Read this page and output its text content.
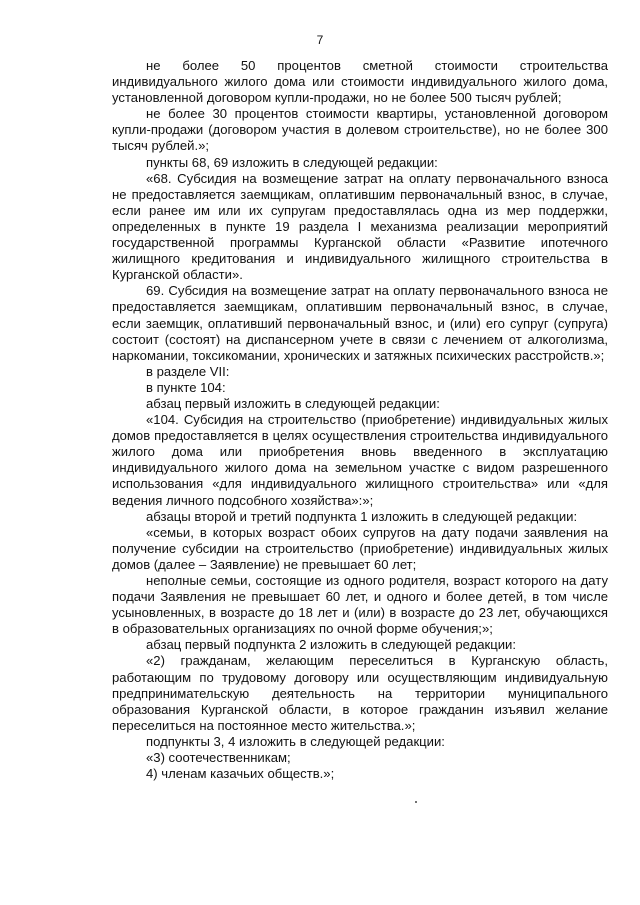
7

не более 50 процентов сметной стоимости строительства индивидуального жилого дома или стоимости индивидуального жилого дома, установленной договором купли-продажи, но не более 500 тысяч рублей;

не более 30 процентов стоимости квартиры, установленной договором купли-продажи (договором участия в долевом строительстве), но не более 300 тысяч рублей.»;

пункты 68, 69 изложить в следующей редакции:

«68. Субсидия на возмещение затрат на оплату первоначального взноса не предоставляется заемщикам, оплатившим первоначальный взнос, в случае, если ранее им или их супругам предоставлялась одна из мер поддержки, определенных в пункте 19 раздела I механизма реализации мероприятий государственной программы Курганской области «Развитие ипотечного жилищного кредитования и индивидуального жилищного строительства в Курганской области».

69. Субсидия на возмещение затрат на оплату первоначального взноса не предоставляется заемщикам, оплатившим первоначальный взнос, в случае, если заемщик, оплативший первоначальный взнос, и (или) его супруг (супруга) состоит (состоят) на диспансерном учете в связи с лечением от алкоголизма, наркомании, токсикомании, хронических и затяжных психических расстройств.»;

в разделе VII:

в пункте 104:

абзац первый изложить в следующей редакции:

«104. Субсидия на строительство (приобретение) индивидуальных жилых домов предоставляется в целях осуществления строительства индивидуального жилого дома или приобретения вновь введенного в эксплуатацию индивидуального жилого дома на земельном участке с видом разрешенного использования «для индивидуального жилищного строительства» или «для ведения личного подсобного хозяйства»:»;

абзацы второй и третий подпункта 1 изложить в следующей редакции:

«семьи, в которых возраст обоих супругов на дату подачи заявления на получение субсидии на строительство (приобретение) индивидуальных жилых домов (далее – Заявление) не превышает 60 лет;

неполные семьи, состоящие из одного родителя, возраст которого на дату подачи Заявления не превышает 60 лет, и одного и более детей, в том числе усыновленных, в возрасте до 18 лет и (или) в возрасте до 23 лет, обучающихся в образовательных организациях по очной форме обучения;»;

абзац первый подпункта 2 изложить в следующей редакции:

«2) гражданам, желающим переселиться в Курганскую область, работающим по трудовому договору или осуществляющим индивидуальную предпринимательскую деятельность на территории муниципального образования Курганской области, в которое гражданин изъявил желание переселиться на постоянное место жительства.»;

подпункты 3, 4 изложить в следующей редакции:

«3) соотечественникам;

4) членам казачьих обществ.»;
